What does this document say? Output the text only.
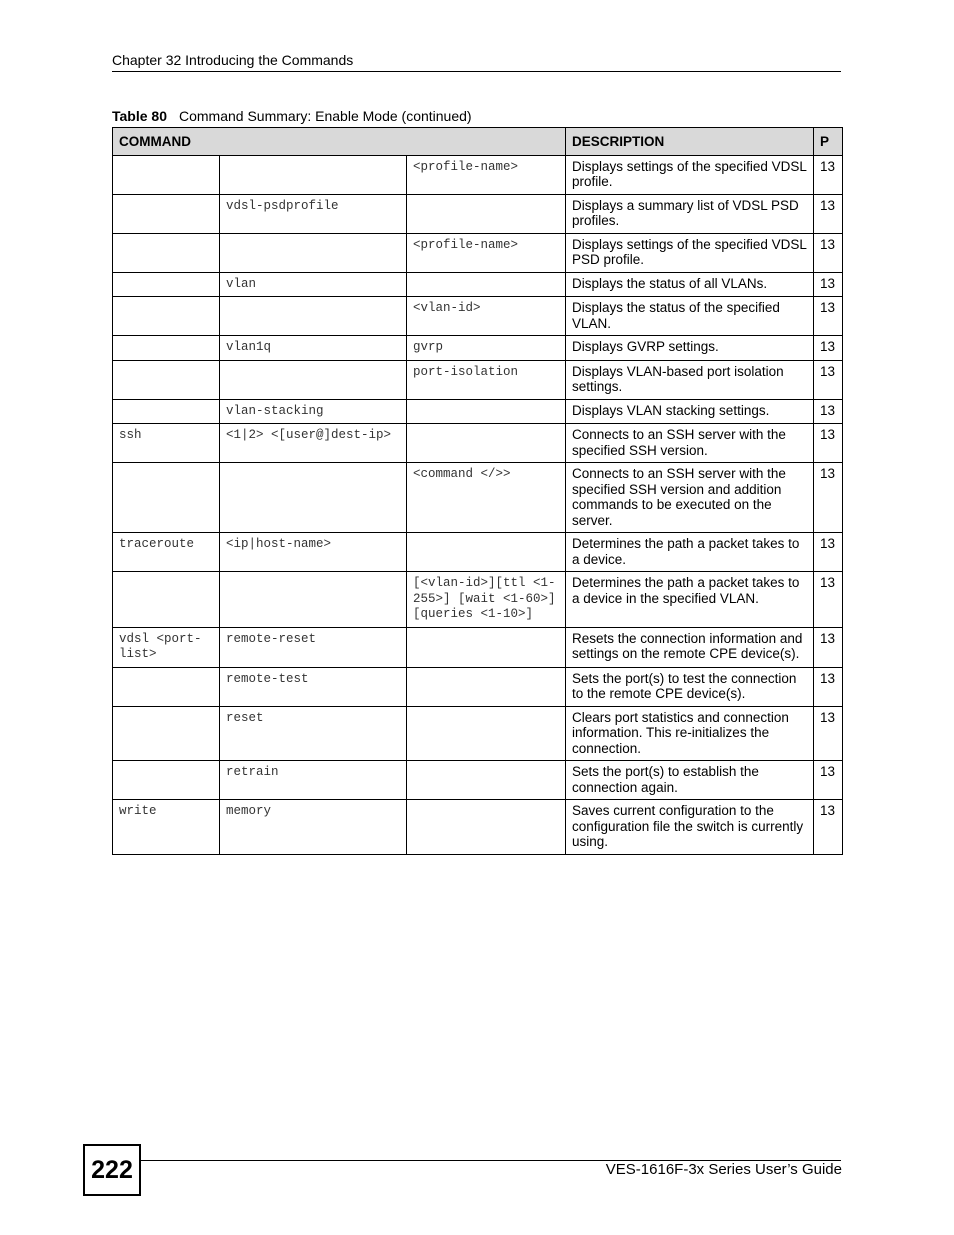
Chapter 32 Introducing the Commands
Table 80 Command Summary: Enable Mode (continued)
COMMAND			DESCRIPTION	P
		<profile-name>	Displays settings of the specified VDSL profile.	13
	vdsl-psdprofile		Displays a summary list of VDSL PSD profiles.	13
		<profile-name>	Displays settings of the specified VDSL PSD profile.	13
	vlan		Displays the status of all VLANs.	13
		<vlan-id>	Displays the status of the specified VLAN.	13
	vlan1q	gvrp	Displays GVRP settings.	13
		port-isolation	Displays VLAN-based port isolation settings.	13
	vlan-stacking		Displays VLAN stacking settings.	13
ssh	<1|2> <[user@]dest-ip>		Connects to an SSH server with the specified SSH version.	13
		<command </>>	Connects to an SSH server with the specified SSH version and addition commands to be executed on the server.	13
traceroute	<ip|host-name>		Determines the path a packet takes to a device.	13
		[<vlan-id>][ttl <1-255>] [wait <1-60>] [queries <1-10>]	Determines the path a packet takes to a device in the specified VLAN.	13
vdsl <port-list>	remote-reset		Resets the connection information and settings on the remote CPE device(s).	13
	remote-test		Sets the port(s) to test the connection to the remote CPE device(s).	13
	reset		Clears port statistics and connection information. This re-initializes the connection.	13
	retrain		Sets the port(s) to establish the connection again.	13
write	memory		Saves current configuration to the configuration file the switch is currently using.	13
222	VES-1616F-3x Series User’s Guide
